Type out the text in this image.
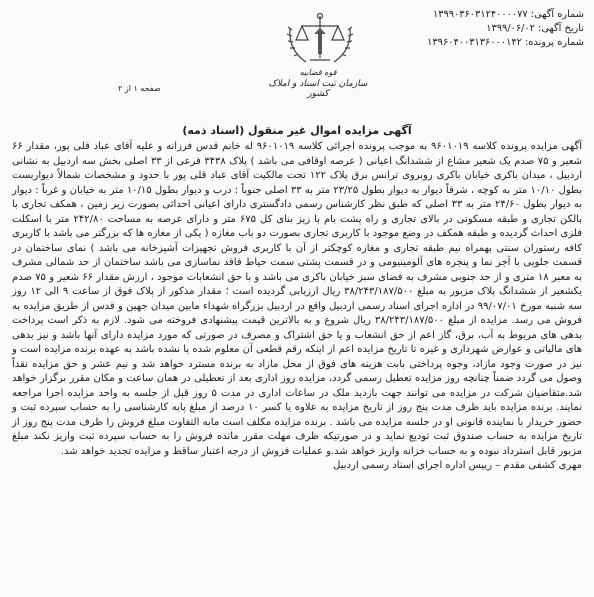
شماره آگهی: ۱۳۹۹۰۳۶۰۳۱۲۴۰۰۰۰۷۷
تاریخ آگهی: ۱۳۹۹/۰۶/۰۲
شماره پرونده: ۱۳۹۶۰۴۰۰۳۱۳۶۰۰۰۱۴۲
قوه قضاییه
سازمان ثبت اسناد و املاک کشور
صفحه ۱ از ۲
آگهی مزایده اموال غیر منقول (اسناد ذمه)

آگهی مزایده پرونده کلاسه ۹۶۰۱۰۱۹ به موجب پرونده اجرائی کلاسه ۹۶۰۱۰۱۹ له خانم قدس فرزانه و علیه آقای عباد قلی پور، مقدار ۶۶ شعیر و ۷۵ صدم یک شعیر مشاع از ششدانگ اعیانی ( عرصه اوقافی می باشد ) پلاک ۳۴۳۸ فرعی از ۳۳ اصلی بخش سه اردبیل به نشانی اردبیل ، میدان باکری خیابان باکری روبروی ترانس برق پلاک ۱۲۲ تحت مالکیت آقای عباد قلی پور با حدود و مشخصات شمالاً دیواربست بطول ۱۰/۱۰ متر به کوچه ، شرقاً دیوار به دیوار بطول ۲۳/۲۵ متر به ۳۳ اصلی جنوباً : درب و دیوار بطول ۱۰/۱۵ متر به خیابان و غرباً : دیوار به دیوار بطول ۲۴/۶۰ متر به ۳۳ اصلی که طبق نظر کارشناس رسمی دادگستری دارای اعیانی احداثی بصورت زیر زمین ، همکف تجاری با بالکن تجاری و طبقه مسکونی در بالای تجاری و راه پشت بام با زیز بنای کل ۶۷۵ متر و دارای عرصه به مساحت ۲۴۲/۸۰ متر با اسکلت فلزی احداث گردیده و طبقه همکف در وضع موجود با کاربری تجاری بصورت دو باب مغازه ( یکی از مغازه ها که بزرگتر می باشد با کاربری کافه رستوران سنتی بهمراه نیم طبقه تجاری و مغازه کوچکتر از آن با کاربری فروش تجهیزات آشپزخانه می باشد ) نمای ساختمان در قسمت جلویی با آجر نما و پنجره های آلومینیومی و در قسمت پشتی سمت حیاط فاقد نماسازی می باشد ساختمان از حد شمالی مشرف به معبر ۱۸ متری و از حد جنوبی مشرف به فضای سبز خیابان باکری می باشد و با حق انشعابات موجود ، ارزش مقدار ۶۶ شعیر و ۷۵ صدم یکشعیر از ششدانگ پلاک مزبور به مبلغ ۳۸/۲۴۳/۱۸۷/۵۰۰ ریال ارزیابی گردیده است ؛ مقدار مذکور از پلاک فوق از ساعت ۹ الی ۱۲ روز سه شنبه مورخ ۹۹/۰۷/۰۱ در اداره اجرای اسناد رسمی اردبیل واقع در اردبیل بزرگراه شهداء مابین میدان جهین و قدس از طریق مزایده به فروش می رسد. مزایده از مبلغ ۳۸/۲۴۳/۱۸۷/۵۰۰ ریال شروع و به بالاترین قیمت پیشنهادی فروخته می شود. لازم به ذکر است پرداخت بدهی های مربوط به آب، برق، گاز اعم از حق انشعاب و یا حق اشتراک و مصرف در صورتی که مورد مزایده دارای آنها باشد و نیز بدهی های مالیاتی و عوارض شهرداری و غیره تا تاریخ مزایده اعم از اینکه رقم قطعی آن معلوم شده یا نشده باشد به عهده برنده مزایده است و نیز در صورت وجود مازاد، وجوه پرداختی بابت هزینه های فوق از محل مازاد به برنده مسترد خواهد شد و نیم عشر و حق مزایده نقداً وصول می گردد ضمناً چنانچه روز مزایده تعطیل رسمی گردد، مزایده روز اداری بعد از تعطیلی در همان ساعت و مکان مقرر برگزار خواهد شد.متقاضیان شرکت در مزایده می توانند جهت بازدید ملک در ساعات اداری در مدت ۵ روز قبل از جلسه به واحد مزایده اجرا مراجعه نمایند. برنده مزایده باید ظرف مدت پنج روز از تاریخ مزایده به علاوه یا کسر ۱۰ درصد از مبلغ پایه کارشناسی را به حساب سپرده ثبت و حضور خریدار با نماینده قانونی او در جلسه مزایده می باشد . برنده مزایده مکلف است مابه التفاوت مبلغ فروش را ظرف مدت پنج روز از تاریخ مزایده به حساب صندوق ثبت تودیع نماید و در صورتیکه ظرف مهلت مقرر مانده فروش را به حساب سپرده ثبت واریز نکند مبلغ مزبور قابل استرداد نبوده و به حساب خزانه واریز خواهد شد.و عملیات فروش از درجه اعتبار ساقط و مزایده تجدید خواهد شد.

مهری کشفی مقدم – رییس اداره اجرای اسناد رسمی اردبیل
